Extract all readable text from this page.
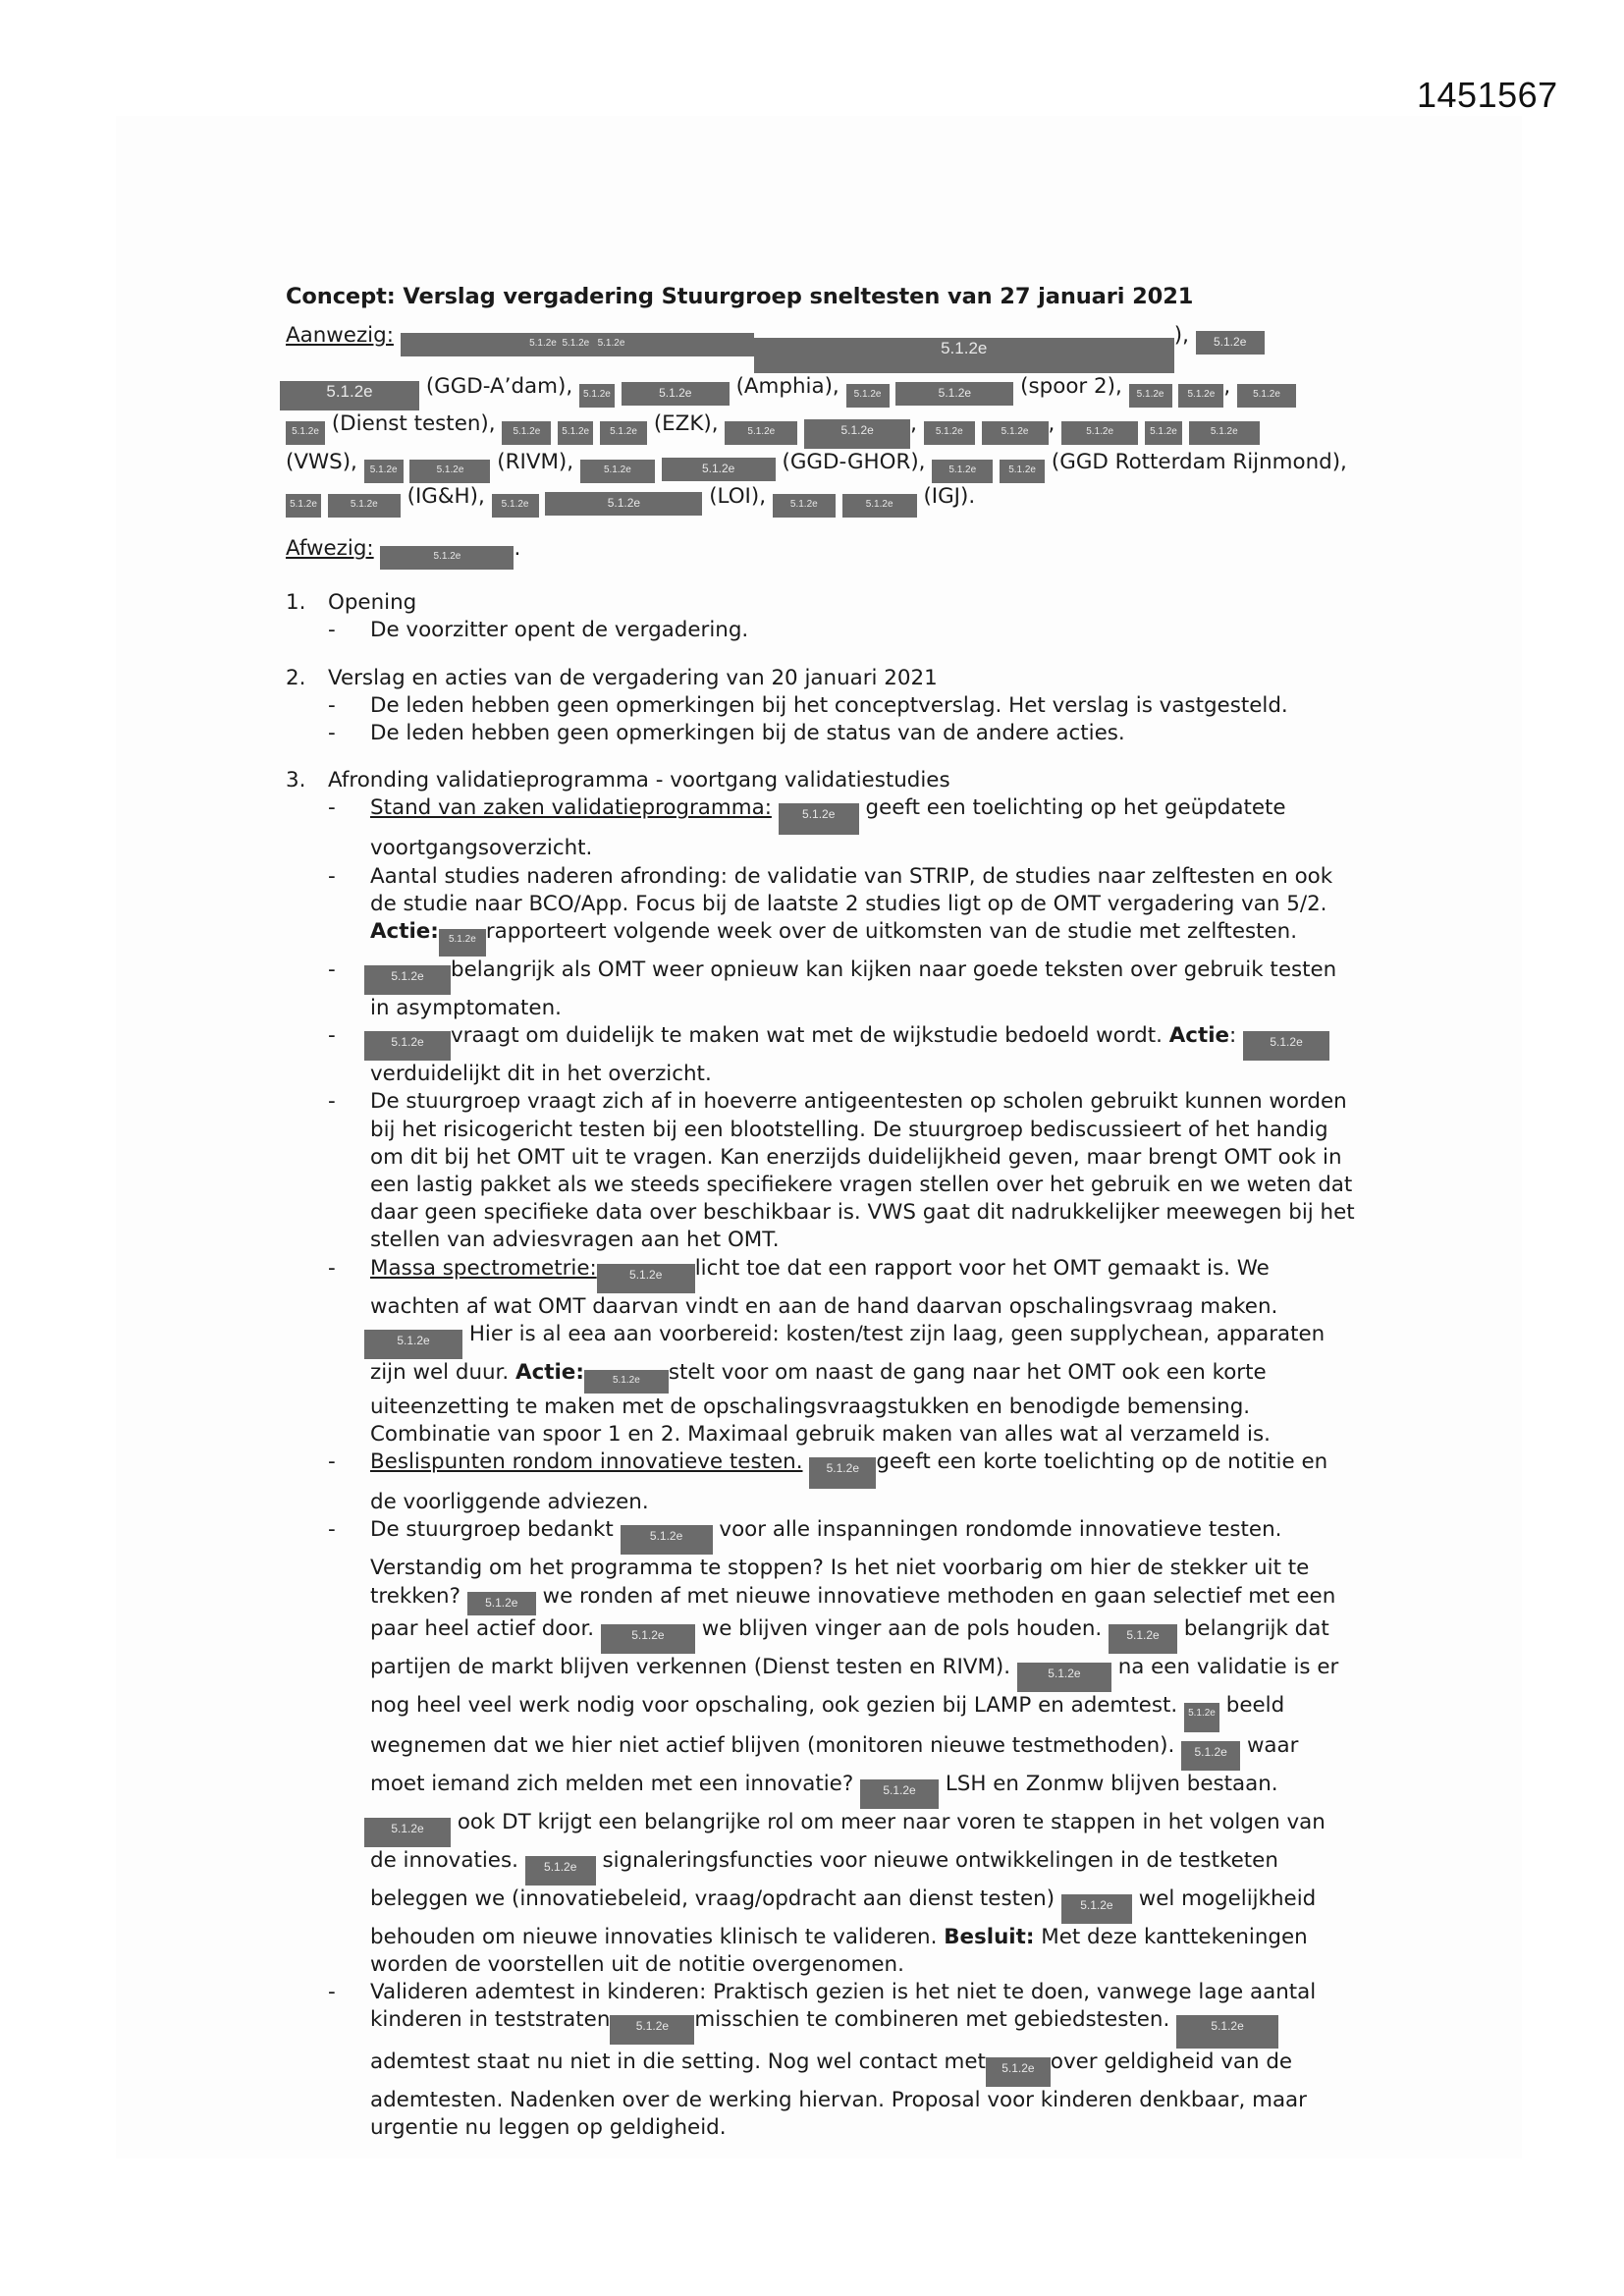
1451567

Concept: Verslag vergadering Stuurgroep sneltesten van 27 januari 2021

Aanwezig:	5.1.2e 5.1.2e 5.1.2e	5.1.2e), 5.1.2e
5.1.2e	(GGD-A’dam), 5.1.2e	5.1.2e (Amphia), 5.1.2e	5.1.2e (spoor 2), 5.1.2e 5.1.2e , 5.1.2e
5.1.2e (Dienst testen), 5.1.2e 5.1.2e 5.1.2e (EZK),	5.1.2e	5.1.2e , 5.1.2e	5.1.2e ,	5.1.2e	5.1.2e	5.1.2e
(VWS), 5.1.2e	5.1.2e (RIVM),	5.1.2e	5.1.2e (GGD-GHOR), 5.1.2e	5.1.2e (GGD Rotterdam Rijnmond), 5.1.2e	5.1.2e (IG&H), 5.1.2e	5.1.2e	(LOI), 5.1.2e	5.1.2e (IGJ).

Afwezig:	5.1.2e	.

1.	Opening
-	De voorzitter opent de vergadering.
2.	Verslag en acties van de vergadering van 20 januari 2021
-	De leden hebben geen opmerkingen bij het conceptverslag. Het verslag is vastgesteld.
-	De leden hebben geen opmerkingen bij de status van de andere acties.
3.	Afronding validatieprogramma - voortgang validatiestudies
-	Stand van zaken validatieprogramma:	5.1.2e geeft een toelichting op het geüpdatete voortgangsoverzicht.
-	Aantal studies naderen afronding: de validatie van STRIP, de studies naar zelftesten en ook de studie naar BCO/App. Focus bij de laatste 2 studies ligt op de OMT vergadering van 5/2. Actie: 5.1.2e rapporteert volgende week over de uitkomsten van de studie met zelftesten.
-	5.1.2e belangrijk als OMT weer opnieuw kan kijken naar goede teksten over gebruik testen in asymptomaten.
-	5.1.2e vraagt om duidelijk te maken wat met de wijkstudie bedoeld wordt. Actie: 5.1.2e verduidelijkt dit in het overzicht.
-	De stuurgroep vraagt zich af in hoeverre antigeentesten op scholen gebruikt kunnen worden bij het risicogericht testen bij een blootstelling. De stuurgroep bediscussieert of het handig om dit bij het OMT uit te vragen. Kan enerzijds duidelijkheid geven, maar brengt OMT ook in een lastig pakket als we steeds specifiekere vragen stellen over het gebruik en we weten dat daar geen specifieke data over beschikbaar is. VWS gaat dit nadrukkelijker meewegen bij het stellen van adviesvragen aan het OMT.
-	Massa spectrometrie:	5.1.2e licht toe dat een rapport voor het OMT gemaakt is. We wachten af wat OMT daarvan vindt en aan de hand daarvan opschalingsvraag maken. 5.1.2e Hier is al eea aan voorbereid: kosten/test zijn laag, geen supplychean, apparaten zijn wel duur. Actie:	5.1.2e stelt voor om naast de gang naar het OMT ook een korte uiteenzetting te maken met de opschalingsvraagstukken en benodigde bemensing. Combinatie van spoor 1 en 2. Maximaal gebruik maken van alles wat al verzameld is.
-	Beslispunten rondom innovatieve testen. 5.1.2e geeft een korte toelichting op de notitie en de voorliggende adviezen.
-	De stuurgroep bedankt	5.1.2e voor alle inspanningen rondomde innovatieve testen. Verstandig om het programma te stoppen? Is het niet voorbarig om hier de stekker uit te trekken? 5.1.2e we ronden af met nieuwe innovatieve methoden en gaan selectief met een paar heel actief door.	5.1.2e we blijven vinger aan de pols houden. 5.1.2e belangrijk dat partijen de markt blijven verkennen (Dienst testen en RIVM).	5.1.2e na een validatie is er nog heel veel werk nodig voor opschaling, ook gezien bij LAMP en ademtest. 5.1.2e beeld wegnemen dat we hier niet actief blijven (monitoren nieuwe testmethoden). 5.1.2e waar moet iemand zich melden met een innovatie?	5.1.2e LSH en Zonmw blijven bestaan. 5.1.2e ook DT krijgt een belangrijke rol om meer naar voren te stappen in het volgen van de innovaties. 5.1.2e signaleringsfuncties voor nieuwe ontwikkelingen in de testketen beleggen we (innovatiebeleid, vraag/opdracht aan dienst testen) 5.1.2e wel mogelijkheid behouden om nieuwe innovaties klinisch te valideren. Besluit: Met deze kanttekeningen worden de voorstellen uit de notitie overgenomen.
-	Valideren ademtest in kinderen: Praktisch gezien is het niet te doen, vanwege lage aantal kinderen in teststraten 5.1.2e misschien te combineren met gebiedstesten.	5.1.2e ademtest staat nu niet in die setting. Nog wel contact met 5.1.2e over geldigheid van de ademtesten. Nadenken over de werking hiervan. Proposal voor kinderen denkbaar, maar urgentie nu leggen op geldigheid.
